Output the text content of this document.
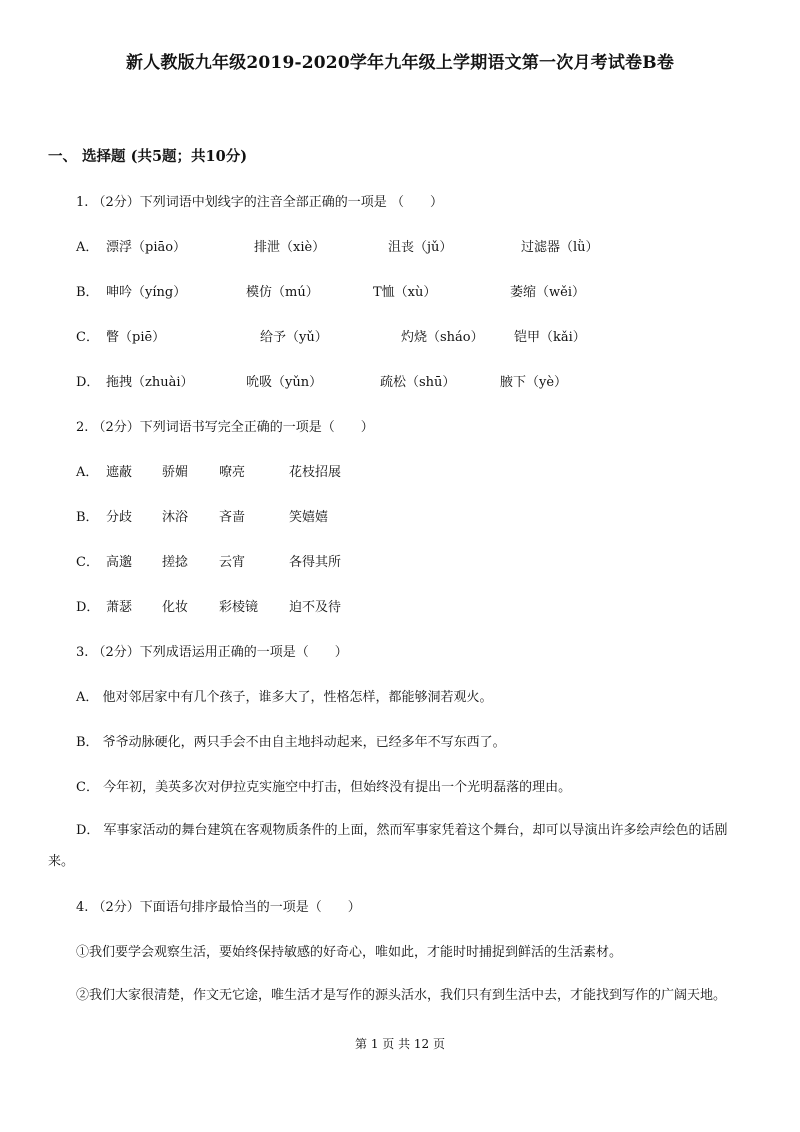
新人教版九年级2019-2020学年九年级上学期语文第一次月考试卷B卷
一、 选择题 (共5题；共10分)
1. （2分）下列词语中划线字的注音全部正确的一项是 （　　）
A． 漂浮（piāo）	排泄（xiè）	沮丧（jǔ）	过滤器（lǜ）
B． 呻吟（yíng）	模仿（mú）	T恤（xù）	萎缩（wěi）
C． 瞥（piē）	给予（yǔ）	灼烧（sháo） 铠甲（kǎi）
D． 拖拽（zhuài）	吮吸（yǔn）	疏松（shū）	腋下（yè）
2. （2分）下列词语书写完全正确的一项是（　　）
A． 遮蔽 骄媚 嘹亮	花枝招展
B． 分歧 沐浴 吝啬	笑嬉嬉
C． 高邈 搓捻 云宵	各得其所
D． 萧瑟 化妆 彩棱镜 迫不及待
3. （2分）下列成语运用正确的一项是（　　）
A． 他对邻居家中有几个孩子，谁多大了，性格怎样，都能够洞若观火。
B． 爷爷动脉硬化，两只手会不由自主地抖动起来，已经多年不写东西了。
C． 今年初，美英多次对伊拉克实施空中打击，但始终没有提出一个光明磊落的理由。
D． 军事家活动的舞台建筑在客观物质条件的上面，然而军事家凭着这个舞台，却可以导演出许多绘声绘色的话剧来。
4. （2分）下面语句排序最恰当的一项是（　　）
①我们要学会观察生活，要始终保持敏感的好奇心，唯如此，才能时时捕捉到鲜活的生活素材。
②我们大家很清楚，作文无它途，唯生活才是写作的源头活水，我们只有到生活中去，才能找到写作的广阔天地。
第 1 页 共 12 页
